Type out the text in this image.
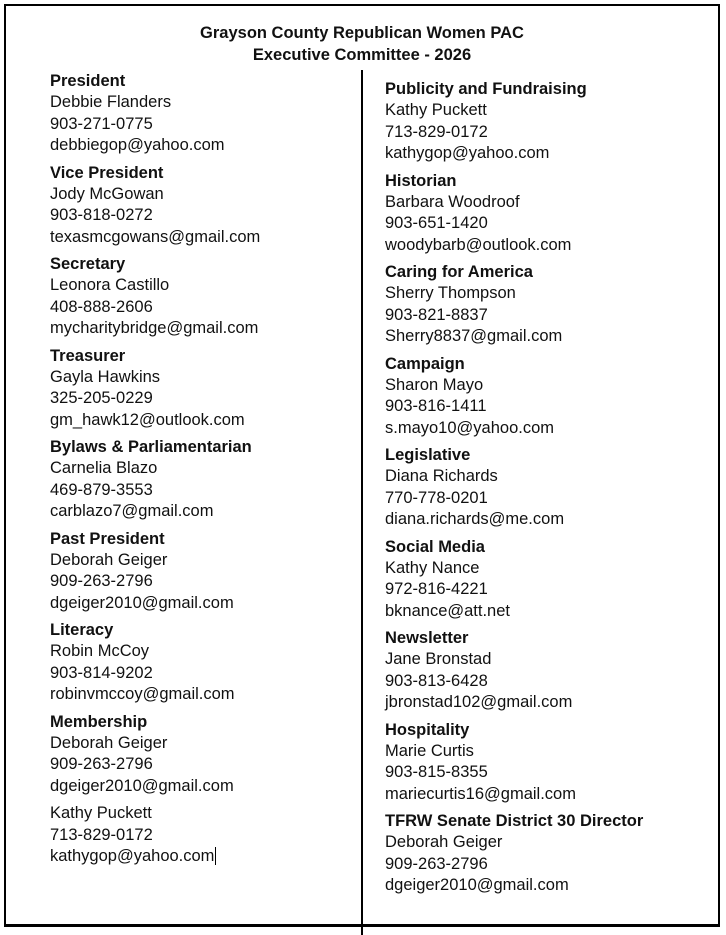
Grayson County Republican Women PAC
Executive Committee - 2026
President
Debbie Flanders
903-271-0775
debbiegop@yahoo.com
Vice President
Jody McGowan
903-818-0272
texasmcgowans@gmail.com
Secretary
Leonora Castillo
408-888-2606
mycharitybridge@gmail.com
Treasurer
Gayla Hawkins
325-205-0229
gm_hawk12@outlook.com
Bylaws & Parliamentarian
Carnelia Blazo
469-879-3553
carblazo7@gmail.com
Past President
Deborah Geiger
909-263-2796
dgeiger2010@gmail.com
Literacy
Robin McCoy
903-814-9202
robinvmccoy@gmail.com
Membership
Deborah Geiger
909-263-2796
dgeiger2010@gmail.com
Kathy Puckett
713-829-0172
kathygop@yahoo.com
Publicity and Fundraising
Kathy Puckett
713-829-0172
kathygop@yahoo.com
Historian
Barbara Woodroof
903-651-1420
woodybarb@outlook.com
Caring for America
Sherry Thompson
903-821-8837
Sherry8837@gmail.com
Campaign
Sharon Mayo
903-816-1411
s.mayo10@yahoo.com
Legislative
Diana Richards
770-778-0201
diana.richards@me.com
Social Media
Kathy Nance
972-816-4221
bknance@att.net
Newsletter
Jane Bronstad
903-813-6428
jbronstad102@gmail.com
Hospitality
Marie Curtis
903-815-8355
mariecurtis16@gmail.com
TFRW Senate District 30 Director
Deborah Geiger
909-263-2796
dgeiger2010@gmail.com
